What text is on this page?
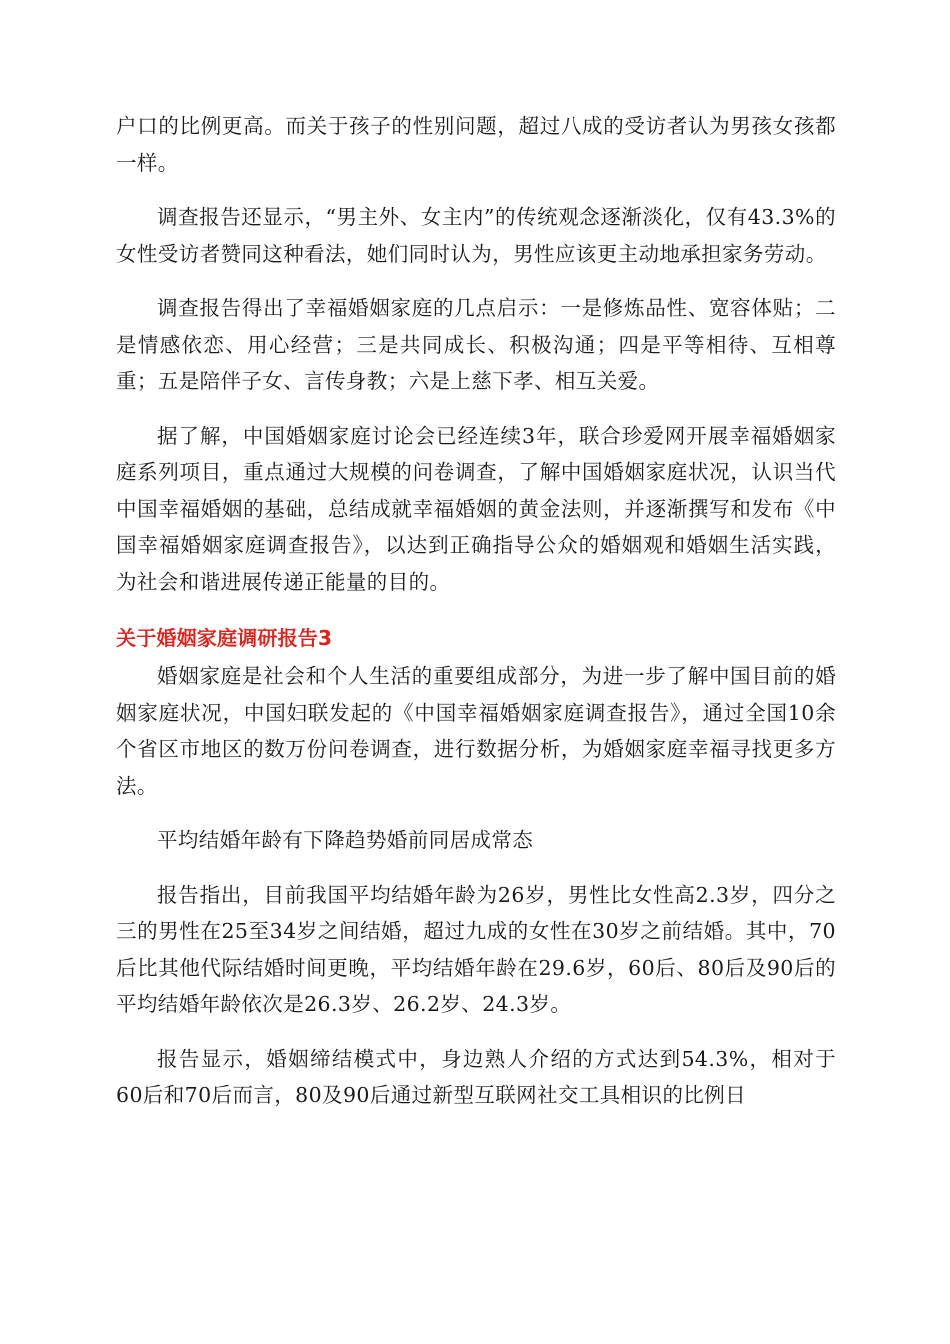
户口的比例更高。而关于孩子的性别问题，超过八成的受访者认为男孩女孩都一样。

调查报告还显示，“男主外、女主内”的传统观念逐渐淡化，仅有43.3%的女性受访者赞同这种看法，她们同时认为，男性应该更主动地承担家务劳动。

调查报告得出了幸福婚姻家庭的几点启示：一是修炼品性、宽容体贴；二是情感依恋、用心经营；三是共同成长、积极沟通；四是平等相待、互相尊重；五是陪伴子女、言传身教；六是上慈下孝、相互关爱。

据了解，中国婚姻家庭讨论会已经连续3年，联合珍爱网开展幸福婚姻家庭系列项目，重点通过大规模的问卷调查，了解中国婚姻家庭状况，认识当代中国幸福婚姻的基础，总结成就幸福婚姻的黄金法则，并逐渐撰写和发布《中国幸福婚姻家庭调查报告》，以达到正确指导公众的婚姻观和婚姻生活实践，为社会和谐进展传递正能量的目的。

关于婚姻家庭调研报告3

婚姻家庭是社会和个人生活的重要组成部分，为进一步了解中国目前的婚姻家庭状况，中国妇联发起的《中国幸福婚姻家庭调查报告》，通过全国10余个省区市地区的数万份问卷调查，进行数据分析，为婚姻家庭幸福寻找更多方法。

平均结婚年龄有下降趋势婚前同居成常态

报告指出，目前我国平均结婚年龄为26岁，男性比女性高2.3岁，四分之三的男性在25至34岁之间结婚，超过九成的女性在30岁之前结婚。其中，70后比其他代际结婚时间更晚，平均结婚年龄在29.6岁，60后、80后及90后的平均结婚年龄依次是26.3岁、26.2岁、24.3岁。

报告显示，婚姻缔结模式中，身边熟人介绍的方式达到54.3%，相对于60后和70后而言，80及90后通过新型互联网社交工具相识的比例日
